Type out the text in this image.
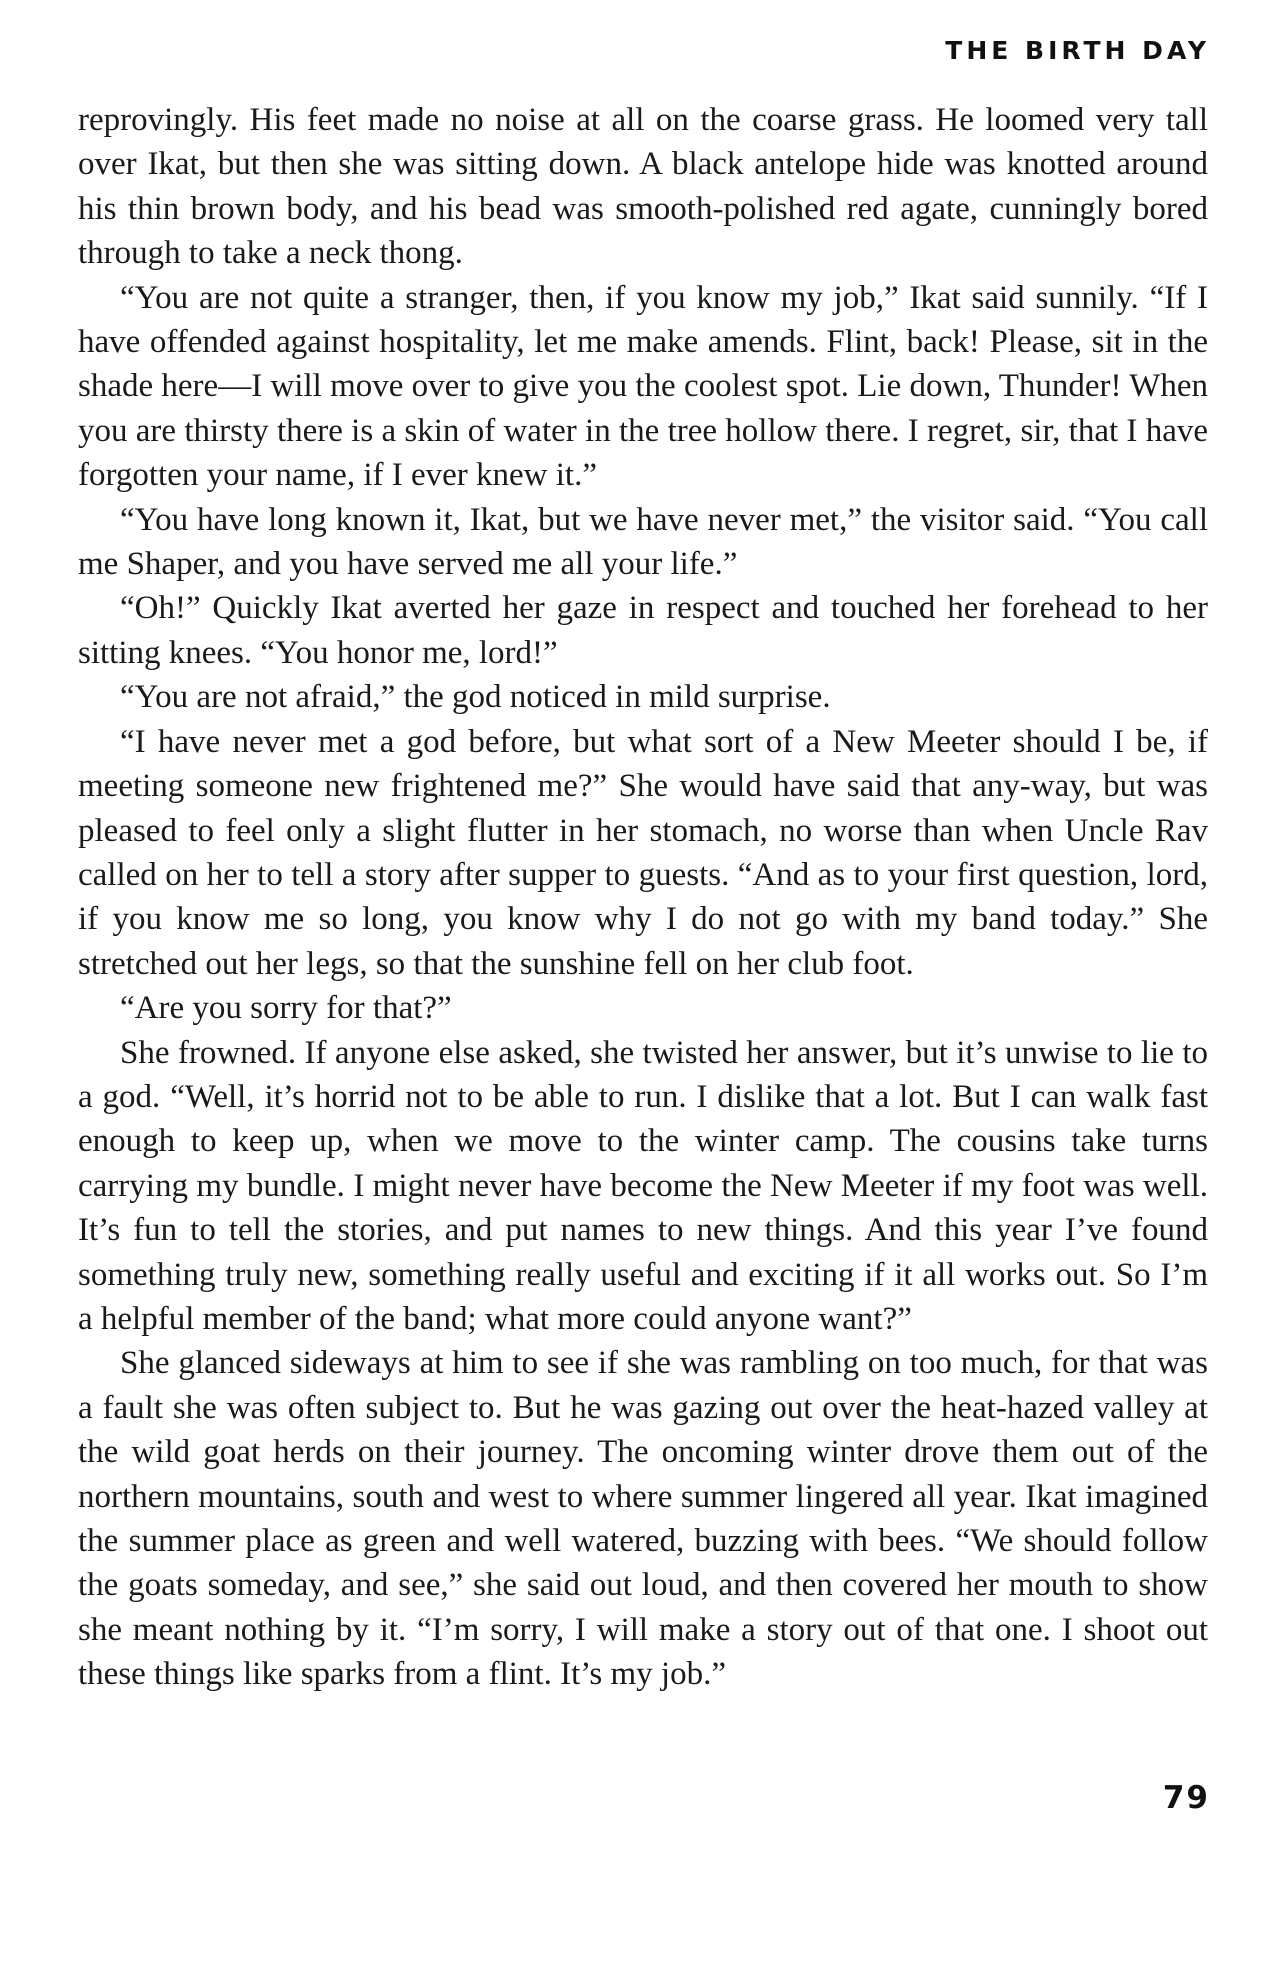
THE BIRTH DAY

reprovingly. His feet made no noise at all on the coarse grass. He loomed very tall over Ikat, but then she was sitting down. A black antelope hide was knotted around his thin brown body, and his bead was smooth-polished red agate, cunningly bored through to take a neck thong.

“You are not quite a stranger, then, if you know my job,” Ikat said sunnily. “If I have offended against hospitality, let me make amends. Flint, back! Please, sit in the shade here—I will move over to give you the coolest spot. Lie down, Thunder! When you are thirsty there is a skin of water in the tree hollow there. I regret, sir, that I have forgotten your name, if I ever knew it.”

“You have long known it, Ikat, but we have never met,” the visitor said. “You call me Shaper, and you have served me all your life.”

“Oh!” Quickly Ikat averted her gaze in respect and touched her forehead to her sitting knees. “You honor me, lord!”

“You are not afraid,” the god noticed in mild surprise.

“I have never met a god before, but what sort of a New Meeter should I be, if meeting someone new frightened me?” She would have said that any-way, but was pleased to feel only a slight flutter in her stomach, no worse than when Uncle Rav called on her to tell a story after supper to guests. “And as to your first question, lord, if you know me so long, you know why I do not go with my band today.” She stretched out her legs, so that the sunshine fell on her club foot.

“Are you sorry for that?”

She frowned. If anyone else asked, she twisted her answer, but it’s unwise to lie to a god. “Well, it’s horrid not to be able to run. I dislike that a lot. But I can walk fast enough to keep up, when we move to the winter camp. The cousins take turns carrying my bundle. I might never have become the New Meeter if my foot was well. It’s fun to tell the stories, and put names to new things. And this year I’ve found something truly new, something really useful and exciting if it all works out. So I’m a helpful member of the band; what more could anyone want?”

She glanced sideways at him to see if she was rambling on too much, for that was a fault she was often subject to. But he was gazing out over the heat-hazed valley at the wild goat herds on their journey. The oncoming winter drove them out of the northern mountains, south and west to where summer lingered all year. Ikat imagined the summer place as green and well watered, buzzing with bees. “We should follow the goats someday, and see,” she said out loud, and then covered her mouth to show she meant nothing by it. “I’m sorry, I will make a story out of that one. I shoot out these things like sparks from a flint. It’s my job.”

79
